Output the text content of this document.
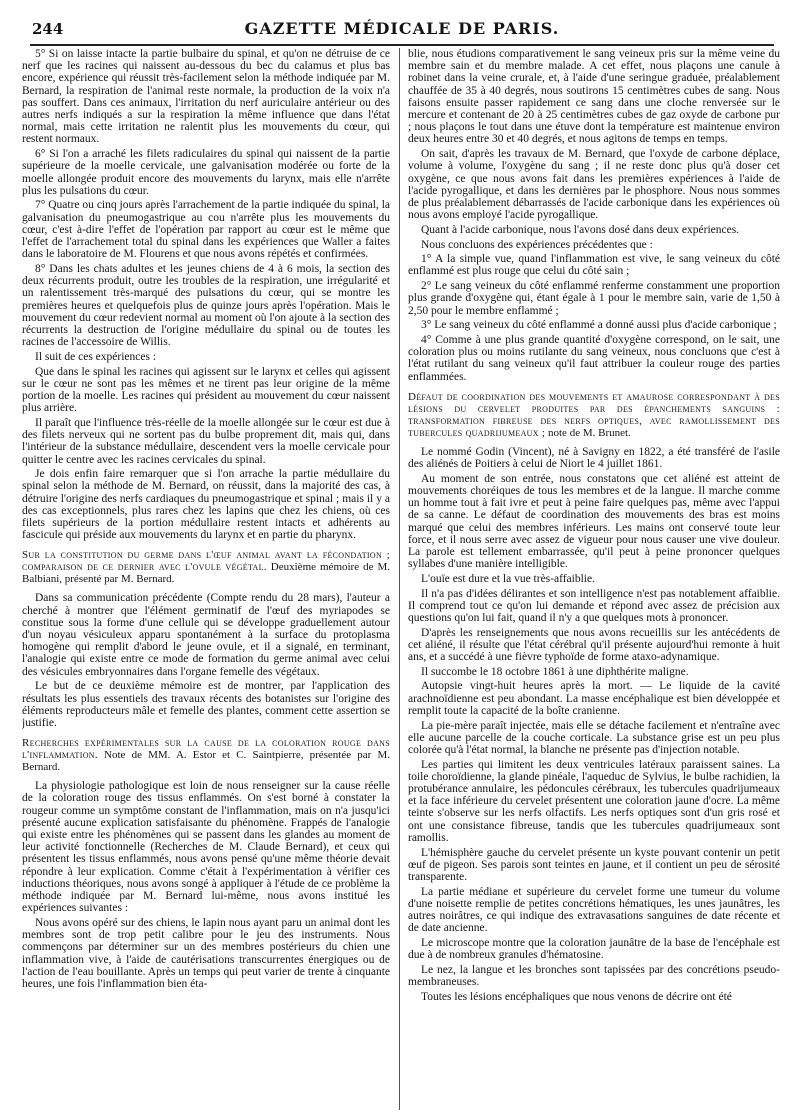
244	GAZETTE MÉDICALE DE PARIS.

5° Si on laisse intacte la partie bulbaire du spinal, et qu'on ne détruise de ce nerf que les racines qui naissent au-dessous du bec du calamus et plus bas encore, expérience qui réussit très-facilement selon la méthode indiquée par M. Bernard, la respiration de l'animal reste normale, la production de la voix n'a pas souffert. Dans ces animaux, l'irritation du nerf auriculaire antérieur ou des autres nerfs indiqués a sur la respiration la même influence que dans l'état normal, mais cette irritation ne ralentit plus les mouvements du cœur, qui restent normaux.

6° Si l'on a arraché les filets radiculaires du spinal qui naissent de la partie supérieure de la moelle cervicale, une galvanisation modérée ou forte de la moelle allongée produit encore des mouvements du larynx, mais elle n'arrête plus les pulsations du cœur.

7° Quatre ou cinq jours après l'arrachement de la partie indiquée du spinal, la galvanisation du pneumogastrique au cou n'arrête plus les mouvements du cœur, c'est à-dire l'effet de l'opération par rapport au cœur est le même que l'effet de l'arrachement total du spinal dans les expériences que Waller a faites dans le laboratoire de M. Flourens et que nous avons répétés et confirmées.

8° Dans les chats adultes et les jeunes chiens de 4 à 6 mois, la section des deux récurrents produit, outre les troubles de la respiration, une irrégularité et un ralentissement très-marqué des pulsations du cœur, qui se montre les premières heures et quelquefois plus de quinze jours après l'opération. Mais le mouvement du cœur redevient normal au moment où l'on ajoute à la section des récurrents la destruction de l'origine médullaire du spinal ou de toutes les racines de l'accessoire de Willis.

Il suit de ces expériences :

Que dans le spinal les racines qui agissent sur le larynx et celles qui agissent sur le cœur ne sont pas les mêmes et ne tirent pas leur origine de la même portion de la moelle. Les racines qui président au mouvement du cœur naissent plus arrière.

Il paraît que l'influence très-réelle de la moelle allongée sur le cœur est due à des filets nerveux qui ne sortent pas du bulbe proprement dit, mais qui, dans l'intérieur de la substance médullaire, descendent vers la moelle cervicale pour quitter le centre avec les racines cervicales du spinal.

Je dois enfin faire remarquer que si l'on arrache la partie médullaire du spinal selon la méthode de M. Bernard, on réussit, dans la majorité des cas, à détruire l'origine des nerfs cardiaques du pneumogastrique et spinal ; mais il y a des cas exceptionnels, plus rares chez les lapins que chez les chiens, où ces filets supérieurs de la portion médullaire restent intacts et adhérents au fascicule qui préside aux mouvements du larynx et en partie du pharynx.

Sur la constitution du germe dans l'œuf animal avant la fécondation ; comparaison de ce dernier avec l'ovule végétal. Deuxième mémoire de M. Balbiani, présenté par M. Bernard.

Dans sa communication précédente (Compte rendu du 28 mars), l'auteur a cherché à montrer que l'élément germinatif de l'œuf des myriapodes se constitue sous la forme d'une cellule qui se développe graduellement autour d'un noyau vésiculeux apparu spontanément à la surface du protoplasma homogène qui remplit d'abord le jeune ovule, et il a signalé, en terminant, l'analogie qui existe entre ce mode de formation du germe animal avec celui des vésicules embryonnaires dans l'organe femelle des végétaux.

Le but de ce deuxième mémoire est de montrer, par l'application des résultats les plus essentiels des travaux récents des botanistes sur l'origine des éléments reproducteurs mâle et femelle des plantes, comment cette assertion se justifie.

Recherches expérimentales sur la cause de la coloration rouge dans l'inflammation. Note de MM. A. Estor et C. Saintpierre, présentée par M. Bernard.

La physiologie pathologique est loin de nous renseigner sur la cause réelle de la coloration rouge des tissus enflammés. On s'est borné à constater la rougeur comme un symptôme constant de l'inflammation, mais on n'a jusqu'ici présenté aucune explication satisfaisante du phénomène. Frappés de l'analogie qui existe entre les phénomènes qui se passent dans les glandes au moment de leur activité fonctionnelle (Recherches de M. Claude Bernard), et ceux qui présentent les tissus enflammés, nous avons pensé qu'une même théorie devait répondre à leur explication. Comme c'était à l'expérimentation à vérifier ces inductions théoriques, nous avons songé à appliquer à l'étude de ce problème la méthode indiquée par M. Bernard lui-même, nous avons institué les expériences suivantes :

Nous avons opéré sur des chiens, le lapin nous ayant paru un animal dont les membres sont de trop petit calibre pour le jeu des instruments. Nous commençons par déterminer sur un des membres postérieurs du chien une inflammation vive, à l'aide de cautérisations transcurrentes énergiques ou de l'action de l'eau bouillante. Après un temps qui peut varier de trente à cinquante heures, une fois l'inflammation bien éta-

blie, nous étudions comparativement le sang veineux pris sur la même veine du membre sain et du membre malade. A cet effet, nous plaçons une canule à robinet dans la veine crurale, et, à l'aide d'une seringue graduée, préalablement chauffée de 35 à 40 degrés, nous soutirons 15 centimètres cubes de sang. Nous faisons ensuite passer rapidement ce sang dans une cloche renversée sur le mercure et contenant de 20 à 25 centimètres cubes de gaz oxyde de carbone pur ; nous plaçons le tout dans une étuve dont la température est maintenue environ deux heures entre 30 et 40 degrés, et nous agitons de temps en temps.

On sait, d'après les travaux de M. Bernard, que l'oxyde de carbone déplace, volume à volume, l'oxygène du sang ; il ne reste donc plus qu'à doser cet oxygène, ce que nous avons fait dans les premières expériences à l'aide de l'acide pyrogallique, et dans les dernières par le phosphore. Nous nous sommes de plus préalablement débarrassés de l'acide carbonique dans les expériences où nous avons employé l'acide pyrogallique.

Quant à l'acide carbonique, nous l'avons dosé dans deux expériences.

Nous concluons des expériences précédentes que :

1° A la simple vue, quand l'inflammation est vive, le sang veineux du côté enflammé est plus rouge que celui du côté sain ;

2° Le sang veineux du côté enflammé renferme constamment une proportion plus grande d'oxygène qui, étant égale à 1 pour le membre sain, varie de 1,50 à 2,50 pour le membre enflammé ;

3° Le sang veineux du côté enflammé a donné aussi plus d'acide carbonique ;

4° Comme à une plus grande quantité d'oxygène correspond, on le sait, une coloration plus ou moins rutilante du sang veineux, nous concluons que c'est à l'état rutilant du sang veineux qu'il faut attribuer la couleur rouge des parties enflammées.

Défaut de coordination des mouvements et amaurose correspondant à des lésions du cervelet produites par des épanchements sanguins : transformation fibreuse des nerfs optiques, avec ramollissement des tubercules quadrijumeaux ; note de M. Brunet.

Le nommé Godin (Vincent), né à Savigny en 1822, a été transféré de l'asile des aliénés de Poitiers à celui de Niort le 4 juillet 1861.

Au moment de son entrée, nous constatons que cet aliéné est atteint de mouvements choréiques de tous les membres et de la langue. Il marche comme un homme tout à fait ivre et peut à peine faire quelques pas, même avec l'appui de sa canne. Le défaut de coordination des mouvements des bras est moins marqué que celui des membres inférieurs. Les mains ont conservé toute leur force, et il nous serre avec assez de vigueur pour nous causer une vive douleur. La parole est tellement embarrassée, qu'il peut à peine prononcer quelques syllabes d'une manière intelligible.

L'ouïe est dure et la vue très-affaiblie.

Il n'a pas d'idées délirantes et son intelligence n'est pas notablement affaiblie. Il comprend tout ce qu'on lui demande et répond avec assez de précision aux questions qu'on lui fait, quand il n'y a que quelques mots à prononcer.

D'après les renseignements que nous avons recueillis sur les antécédents de cet aliéné, il résulte que l'état cérébral qu'il présente aujourd'hui remonte à huit ans, et a succédé à une fièvre typhoïde de forme ataxo-adynamique.

Il succombe le 18 octobre 1861 à une diphthérite maligne.

Autopsie vingt-huit heures après la mort. — Le liquide de la cavité arachnoïdienne est peu abondant. La masse encéphalique est bien développée et remplit toute la capacité de la boîte cranienne.

La pie-mère paraît injectée, mais elle se détache facilement et n'entraîne avec elle aucune parcelle de la couche corticale. La substance grise est un peu plus colorée qu'à l'état normal, la blanche ne présente pas d'injection notable.

Les parties qui limitent les deux ventricules latéraux paraissent saines. La toile choroïdienne, la glande pinéale, l'aqueduc de Sylvius, le bulbe rachidien, la protubérance annulaire, les pédoncules cérébraux, les tubercules quadrijumeaux et la face inférieure du cervelet présentent une coloration jaune d'ocre. La même teinte s'observe sur les nerfs olfactifs. Les nerfs optiques sont d'un gris rosé et ont une consistance fibreuse, tandis que les tubercules quadrijumeaux sont ramollis.

L'hémisphère gauche du cervelet présente un kyste pouvant contenir un petit œuf de pigeon. Ses parois sont teintes en jaune, et il contient un peu de sérosité transparente.

La partie médiane et supérieure du cervelet forme une tumeur du volume d'une noisette remplie de petites concrétions hématiques, les unes jaunâtres, les autres noirâtres, ce qui indique des extravasations sanguines de date récente et de date ancienne.

Le microscope montre que la coloration jaunâtre de la base de l'encéphale est due à de nombreux granules d'hématosine.

Le nez, la langue et les bronches sont tapissées par des concrétions pseudo-membraneuses.

Toutes les lésions encéphaliques que nous venons de décrire ont été
